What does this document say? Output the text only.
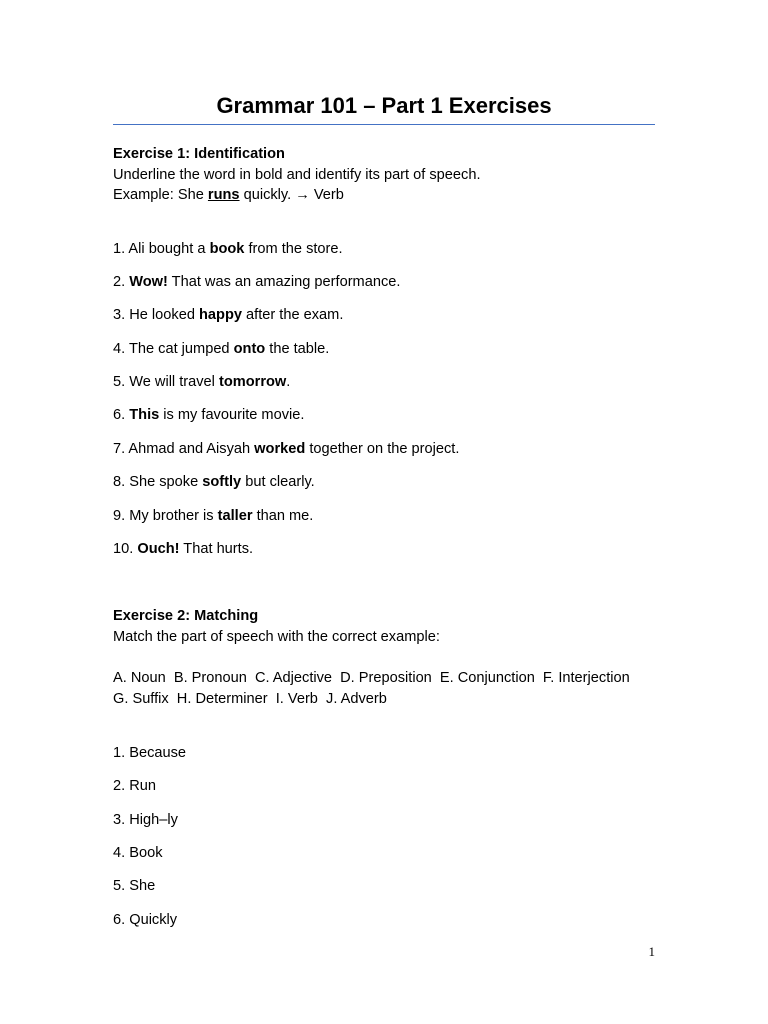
Grammar 101 – Part 1 Exercises
Exercise 1: Identification
Underline the word in bold and identify its part of speech.
Example: She runs quickly. → Verb
1. Ali bought a book from the store.
2. Wow! That was an amazing performance.
3. He looked happy after the exam.
4. The cat jumped onto the table.
5. We will travel tomorrow.
6. This is my favourite movie.
7. Ahmad and Aisyah worked together on the project.
8. She spoke softly but clearly.
9. My brother is taller than me.
10. Ouch! That hurts.
Exercise 2: Matching
Match the part of speech with the correct example:
A. Noun  B. Pronoun  C. Adjective  D. Preposition  E. Conjunction  F. Interjection
G. Suffix  H. Determiner  I. Verb  J. Adverb
1. Because
2. Run
3. High–ly
4. Book
5. She
6. Quickly
1
